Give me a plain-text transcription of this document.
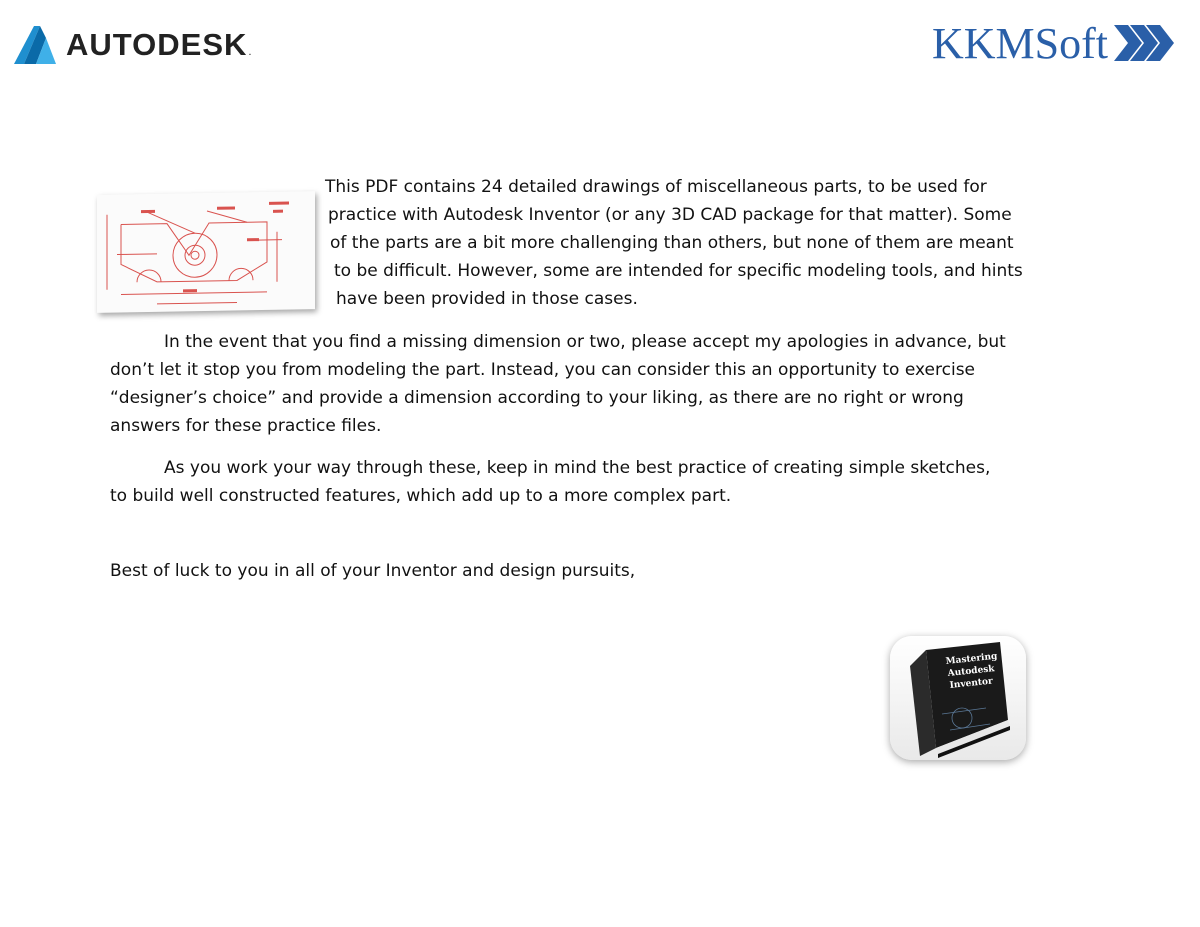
AUTODESK .	KKMSoft
This PDF contains 24 detailed drawings of miscellaneous parts, to be used for
practice with Autodesk Inventor (or any 3D CAD package for that matter). Some
of the parts are a bit more challenging than others, but none of them are meant
to be difficult. However, some are intended for specific modeling tools, and hints
have been provided in those cases.
In the event that you find a missing dimension or two, please accept my apologies in advance, but
don’t let it stop you from modeling the part. Instead, you can consider this an opportunity to exercise
“designer’s choice” and provide a dimension according to your liking, as there are no right or wrong
answers for these practice files.
As you work your way through these, keep in mind the best practice of creating simple sketches,
to build well constructed features, which add up to a more complex part.
Best of luck to you in all of your Inventor and design pursuits,
Mastering
Autodesk
Inventor
